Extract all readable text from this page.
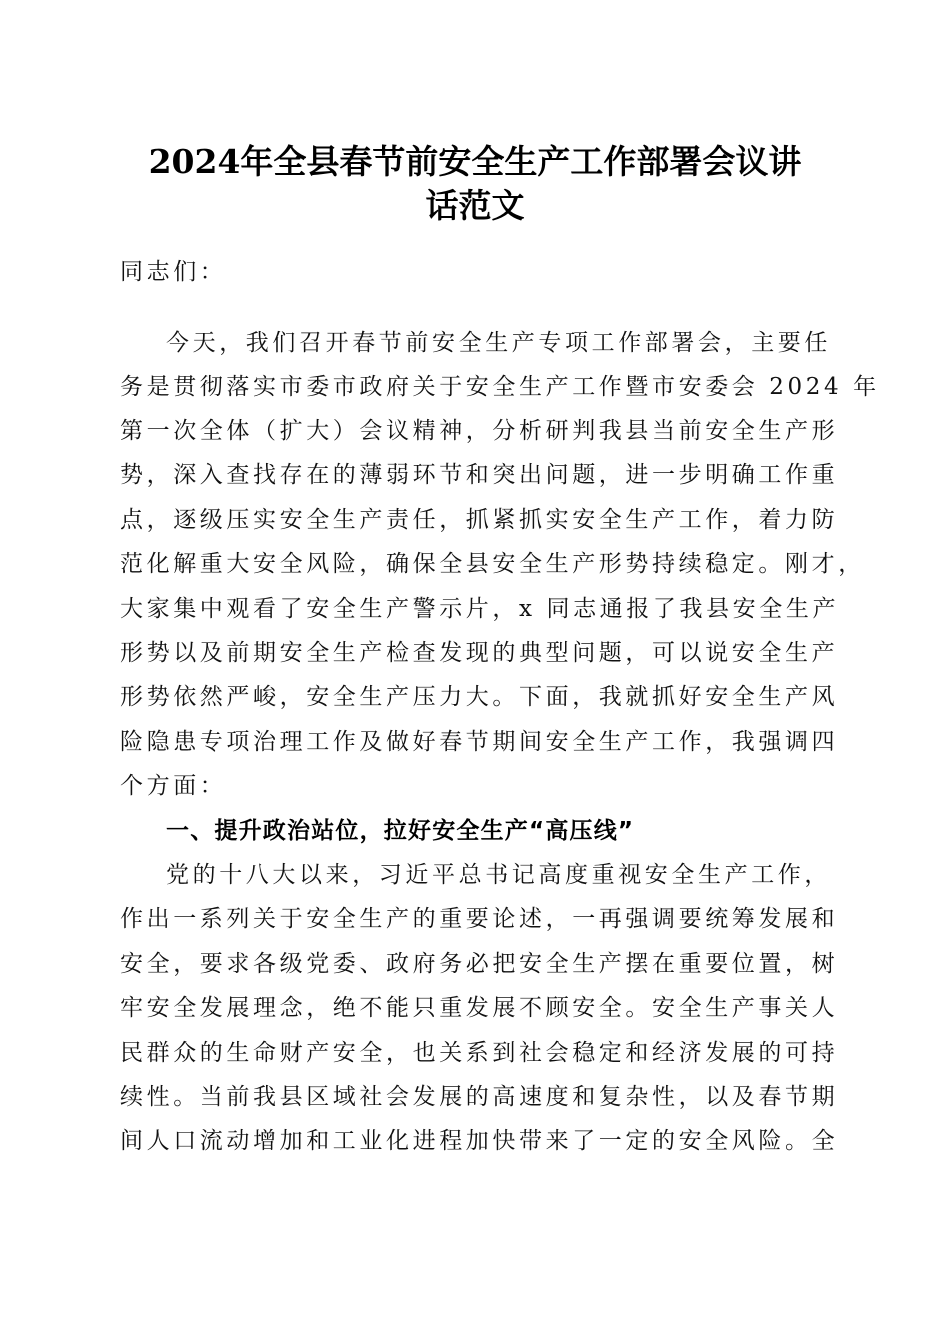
2024年全县春节前安全生产工作部署会议讲
话范文
同志们：
今天，我们召开春节前安全生产专项工作部署会，主要任
务是贯彻落实市委市政府关于安全生产工作暨市安委会 2024 年
第一次全体（扩大）会议精神，分析研判我县当前安全生产形
势，深入查找存在的薄弱环节和突出问题，进一步明确工作重
点，逐级压实安全生产责任，抓紧抓实安全生产工作，着力防
范化解重大安全风险，确保全县安全生产形势持续稳定。刚才，
大家集中观看了安全生产警示片，x 同志通报了我县安全生产
形势以及前期安全生产检查发现的典型问题，可以说安全生产
形势依然严峻，安全生产压力大。下面，我就抓好安全生产风
险隐患专项治理工作及做好春节期间安全生产工作，我强调四
个方面：
一、提升政治站位，拉好安全生产“高压线”
党的十八大以来，习近平总书记高度重视安全生产工作，
作出一系列关于安全生产的重要论述，一再强调要统筹发展和
安全，要求各级党委、政府务必把安全生产摆在重要位置，树
牢安全发展理念，绝不能只重发展不顾安全。安全生产事关人
民群众的生命财产安全，也关系到社会稳定和经济发展的可持
续性。当前我县区域社会发展的高速度和复杂性，以及春节期
间人口流动增加和工业化进程加快带来了一定的安全风险。全
